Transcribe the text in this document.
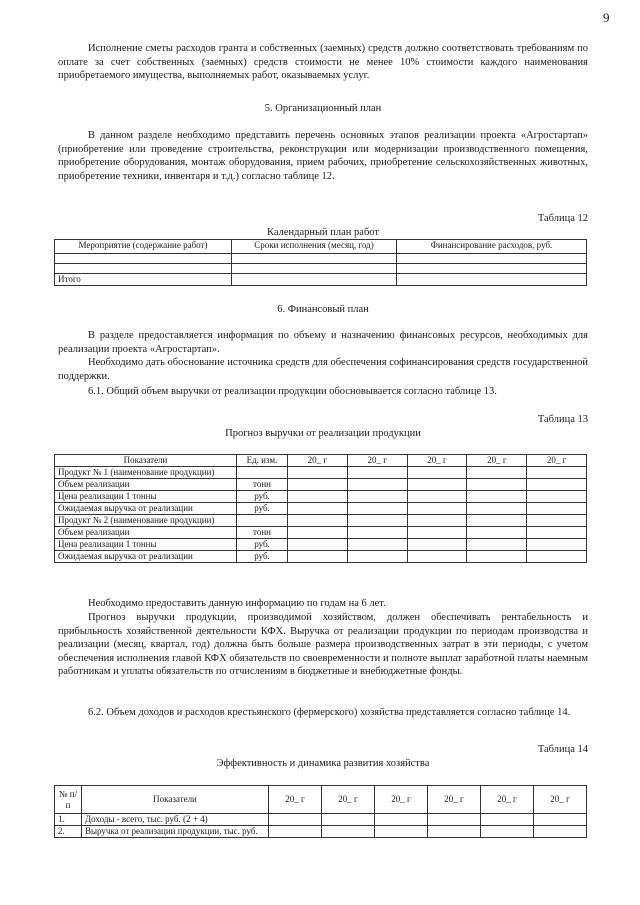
9

Исполнение сметы расходов гранта и собственных (заемных) средств должно соответствовать требованиям по оплате за счет собственных (заемных) средств стоимости не менее 10% стоимости каждого наименования приобретаемого имущества, выполняемых работ, оказываемых услуг.

5. Организационный план

В данном разделе необходимо представить перечень основных этапов реализации проекта «Агростартап» (приобретение или проведение строительства, реконструкции или модернизации производственного помещения, приобретение оборудования, монтаж оборудования, прием рабочих, приобретение сельскохозяйственных животных, приобретение техники, инвентаря и т.д.) согласно таблице 12.

Таблица 12
Календарный план работ
Мероприятие (содержание работ)	Сроки исполнения (месяц, год)	Финансирование расходов, руб.

Итого		
6. Финансовый план

В разделе предоставляется информация по объему и назначению финансовых ресурсов, необходимых для реализации проекта «Агростартап».

Необходимо дать обоснование источника средств для обеспечения софинансирования средств государственной поддержки.

6.1. Общий объем выручки от реализации продукции обосновывается согласно таблице 13.

Таблица 13
Прогноз выручки от реализации продукции
Показатели	Ед. изм.	20_ г	20_ г	20_ г	20_ г	20_ г
Продукт № 1 (наименование продукции)						
Объем реализации	тонн					
Цена реализации 1 тонны	руб.					
Ожидаемая выручка от реализации	руб.					
Продукт № 2 (наименование продукции)						
Объем реализации	тонн					
Цена реализации 1 тонны	руб.					
Ожидаемая выручка от реализации	руб.					

Необходимо предоставить данную информацию по годам на 6 лет.

Прогноз выручки продукции, производимой хозяйством, должен обеспечивать рентабельность и прибыльность хозяйственной деятельности КФХ. Выручка от реализации продукции по периодам производства и реализации (месяц, квартал, год) должна быть больше размера производственных затрат в эти периоды, с учетом обеспечения исполнения главой КФХ обязательств по своевременности и полноте выплат заработной платы наемным работникам и уплаты обязательств по отчислениям в бюджетные и внебюджетные фонды.

6.2. Объем доходов и расходов крестьянского (фермерского) хозяйства представляется согласно таблице 14.

Таблица 14
Эффективность и динамика развития хозяйства
№ п/п	Показатели	20_ г	20_ г	20_ г	20_ г	20_ г	20_ г
1.	Доходы - всего, тыс. руб. (2 + 4)						
2.	Выручка от реализации продукции, тыс. руб.						
